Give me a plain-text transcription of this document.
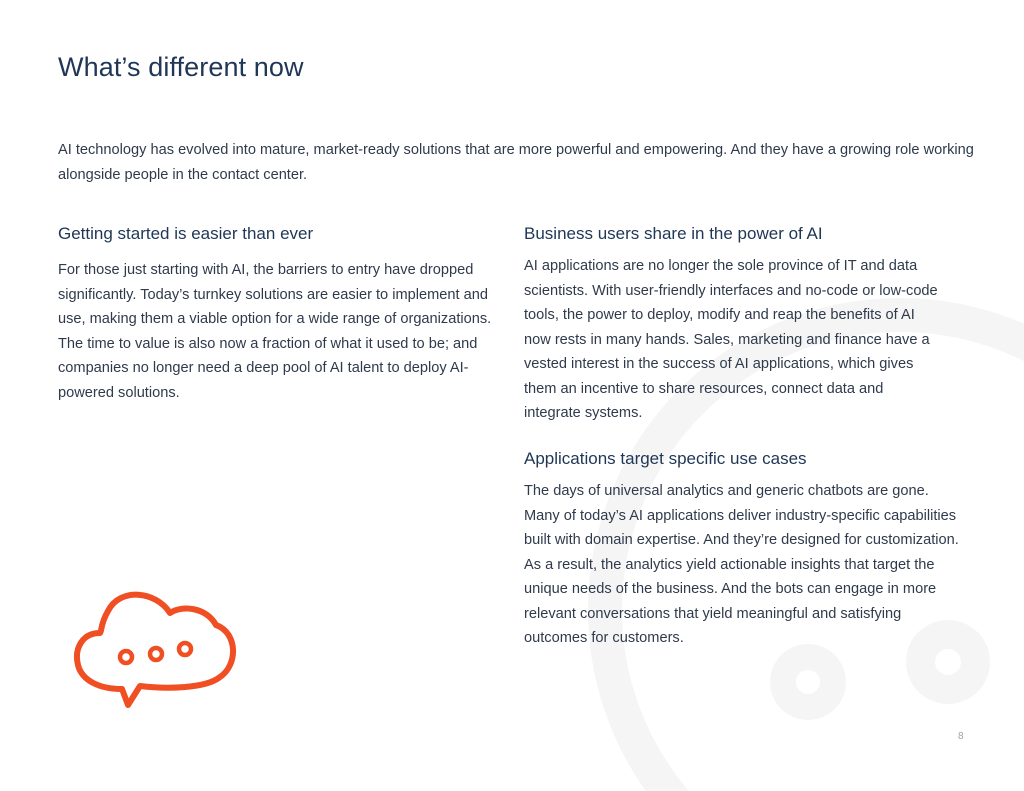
What’s different now

AI technology has evolved into mature, market-ready solutions that are more powerful and empowering. And they have a growing role working alongside people in the contact center.

Getting started is easier than ever

For those just starting with AI, the barriers to entry have dropped significantly. Today’s turnkey solutions are easier to implement and use, making them a viable option for a wide range of organizations. The time to value is also now a fraction of what it used to be; and companies no longer need a deep pool of AI talent to deploy AI-powered solutions.

Business users share in the power of AI

AI applications are no longer the sole province of IT and data scientists. With user-friendly interfaces and no-code or low-code tools, the power to deploy, modify and reap the benefits of AI now rests in many hands. Sales, marketing and finance have a vested interest in the success of AI applications, which gives them an incentive to share resources, connect data and integrate systems.

Applications target specific use cases

The days of universal analytics and generic chatbots are gone. Many of today’s AI applications deliver industry-specific capabilities built with domain expertise. And they’re designed for customization. As a result, the analytics yield actionable insights that target the unique needs of the business. And the bots can engage in more relevant conversations that yield meaningful and satisfying outcomes for customers.

8
